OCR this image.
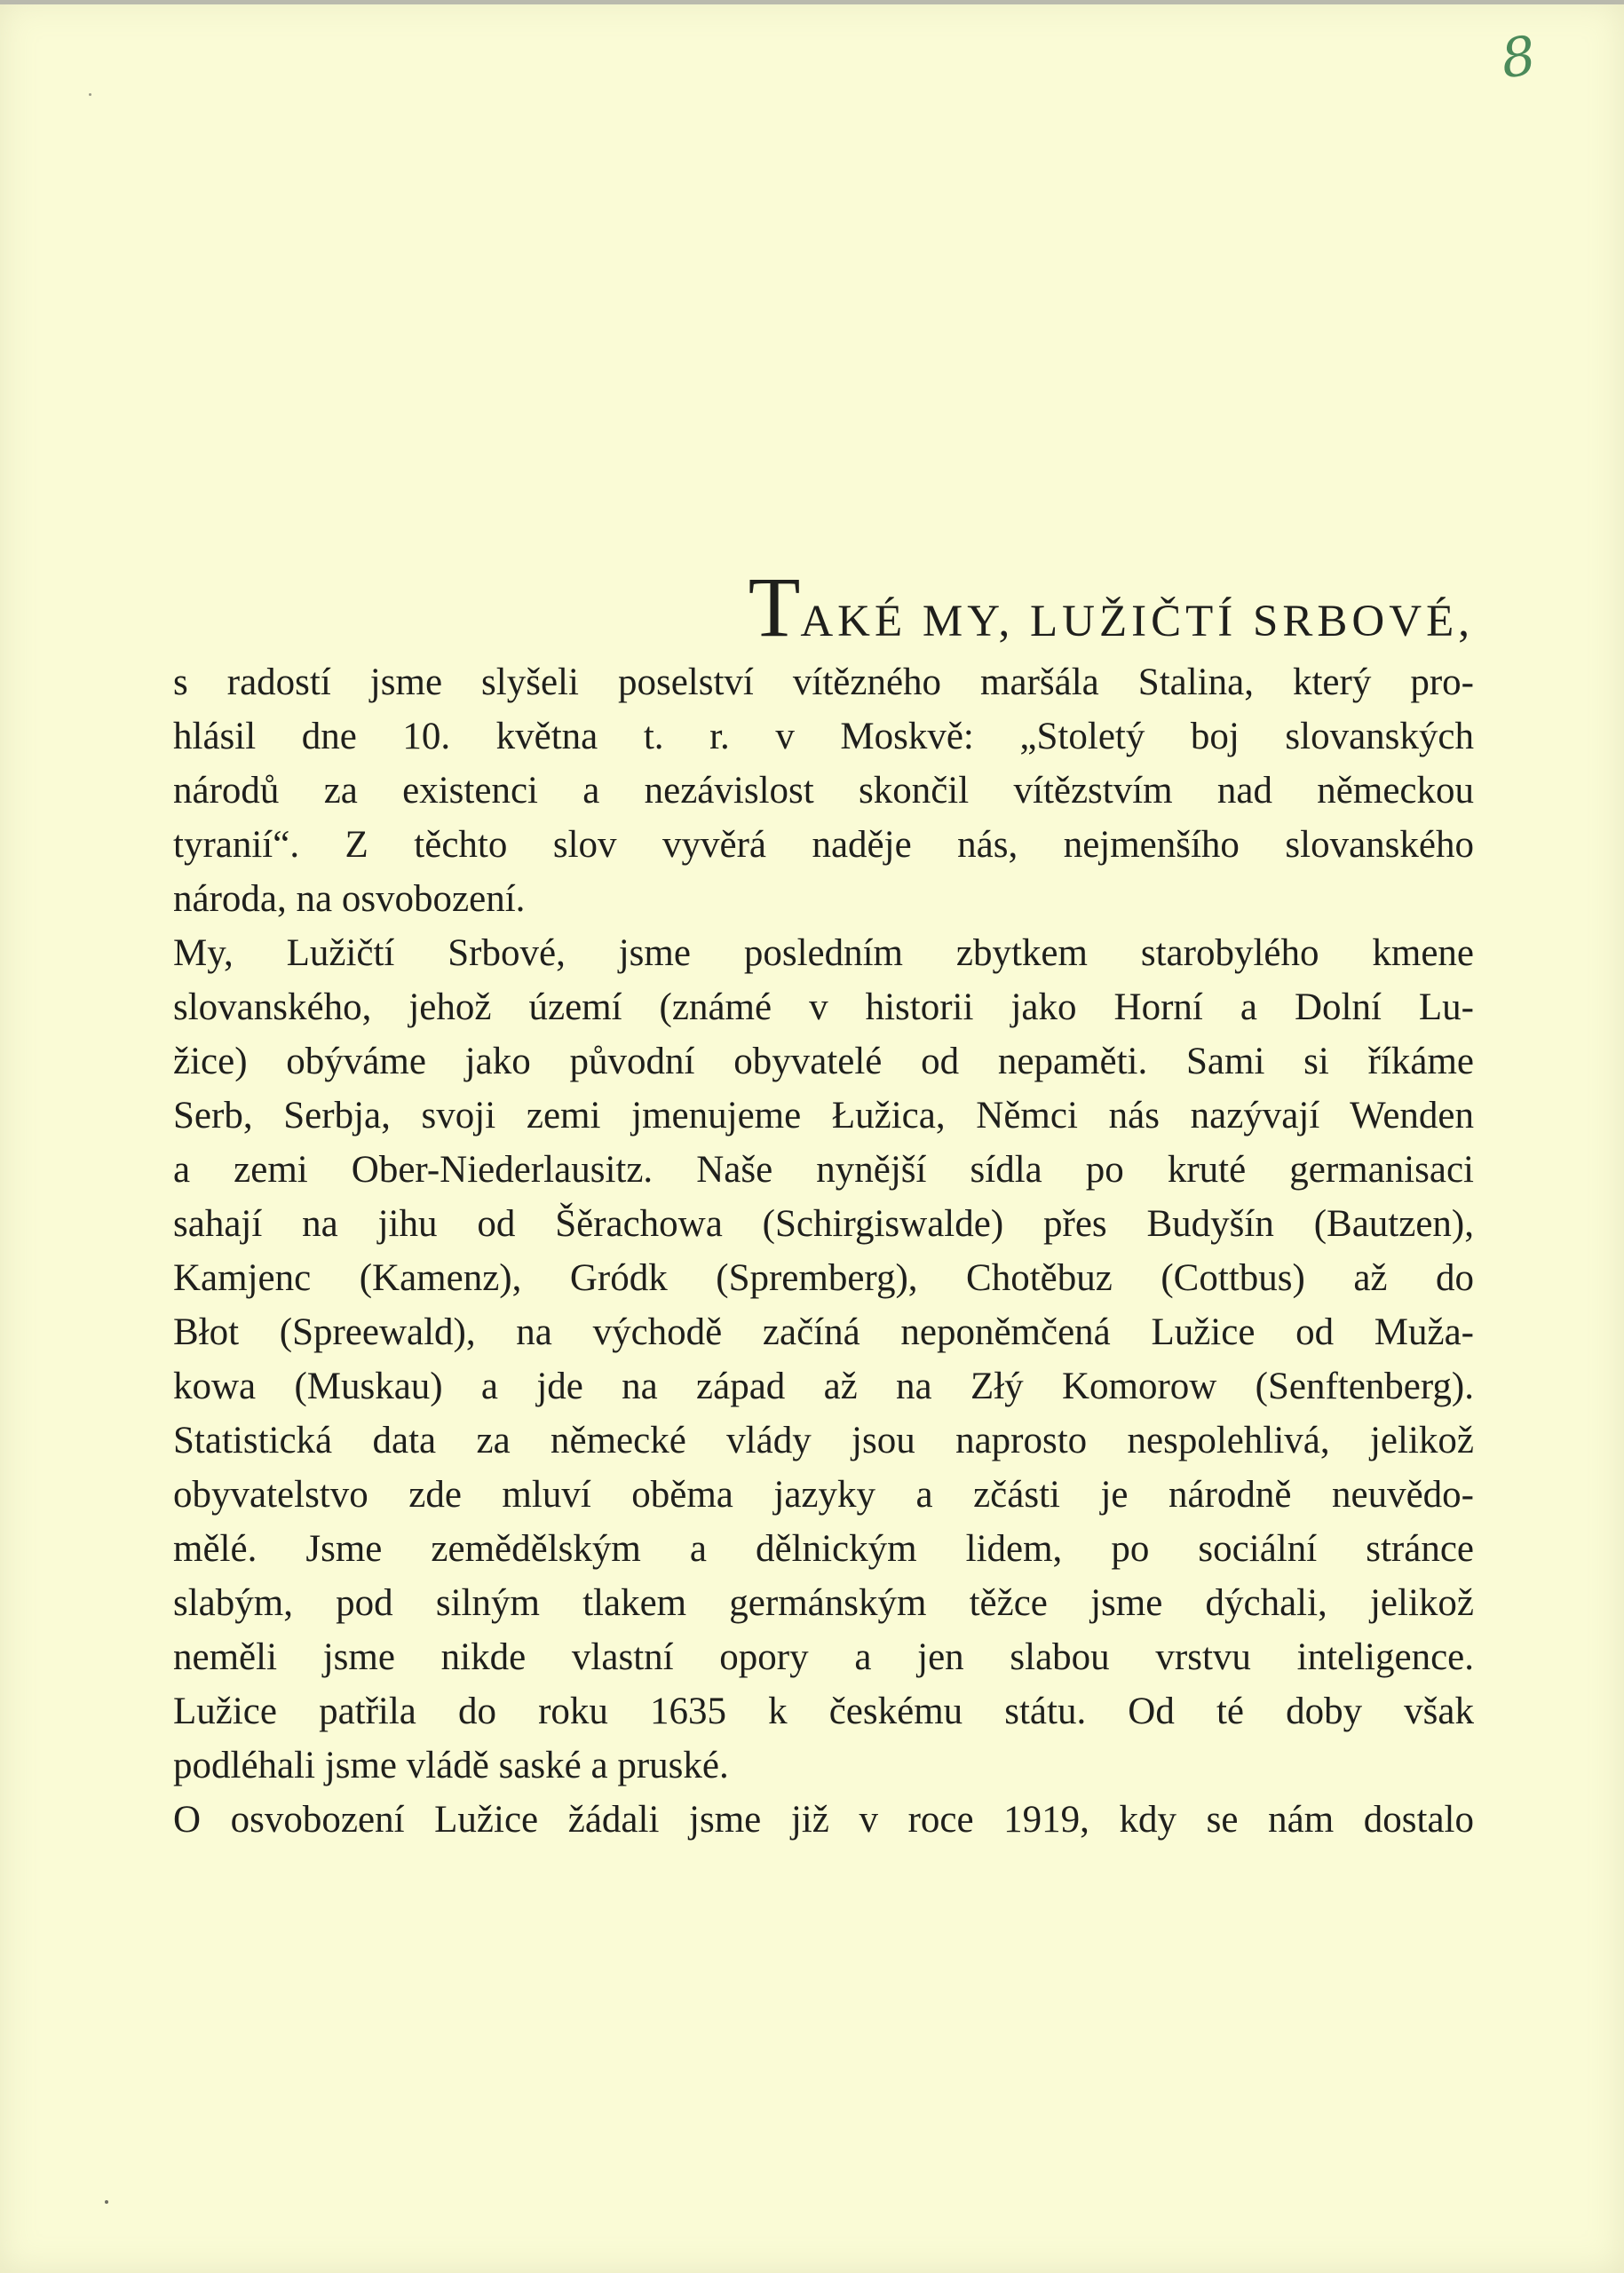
8
TAKÉ MY, LUŽIČTÍ SRBOVÉ,
s radostí jsme slyšeli poselství vítězného maršála Stalina, který pro-
hlásil dne 10. května t. r. v Moskvě: „Stoletý boj slovanských
národů za existenci a nezávislost skončil vítězstvím nad německou
tyranií“. Z těchto slov vyvěrá naděje nás, nejmenšího slovanského
národa, na osvobození.
My, Lužičtí Srbové, jsme posledním zbytkem starobylého kmene
slovanského, jehož území (známé v historii jako Horní a Dolní Lu-
žice) obýváme jako původní obyvatelé od nepaměti. Sami si říkáme
Serb, Serbja, svoji zemi jmenujeme Łužica, Němci nás nazývají Wenden
a zemi Ober-Niederlausitz. Naše nynější sídla po kruté germanisaci
sahají na jihu od Šěrachowa (Schirgiswalde) přes Budyšín (Bautzen),
Kamjenc (Kamenz), Gródk (Spremberg), Chotěbuz (Cottbus) až do
Błot (Spreewald), na východě začíná neponěmčená Lužice od Muža-
kowa (Muskau) a jde na západ až na Złý Komorow (Senftenberg).
Statistická data za německé vlády jsou naprosto nespolehlivá, jelikož
obyvatelstvo zde mluví oběma jazyky a zčásti je národně neuvědo-
mělé. Jsme zemědělským a dělnickým lidem, po sociální stránce
slabým, pod silným tlakem germánským těžce jsme dýchali, jelikož
neměli jsme nikde vlastní opory a jen slabou vrstvu inteligence.
Lužice patřila do roku 1635 k českému státu. Od té doby však
podléhali jsme vládě saské a pruské.
O osvobození Lužice žádali jsme již v roce 1919, kdy se nám dostalo
